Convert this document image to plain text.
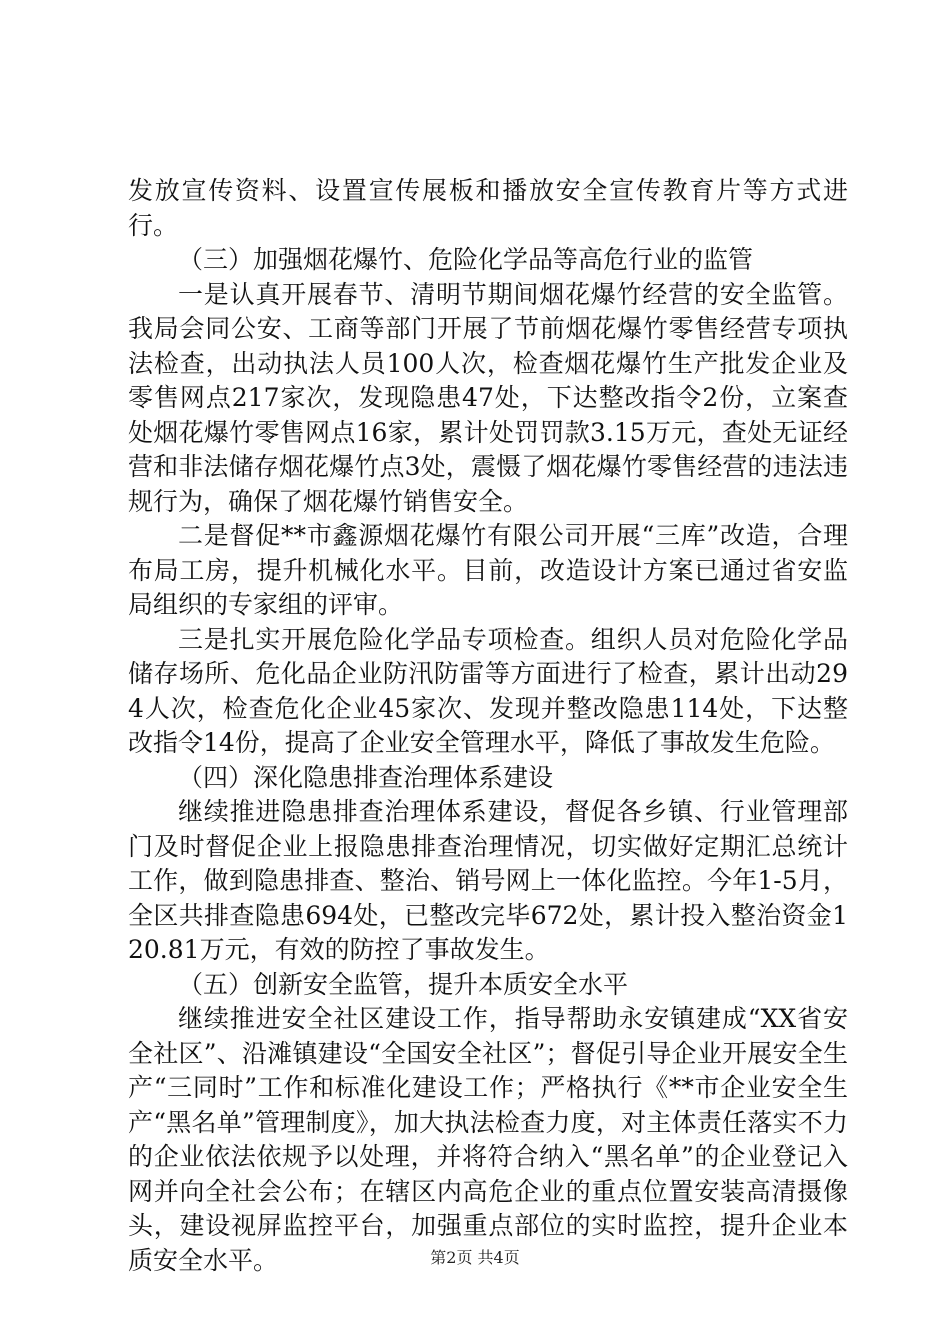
发放宣传资料、设置宣传展板和播放安全宣传教育片等方式进行。

（三）加强烟花爆竹、危险化学品等高危行业的监管

一是认真开展春节、清明节期间烟花爆竹经营的安全监管。我局会同公安、工商等部门开展了节前烟花爆竹零售经营专项执法检查，出动执法人员100人次，检查烟花爆竹生产批发企业及零售网点217家次，发现隐患47处，下达整改指令2份，立案查处烟花爆竹零售网点16家，累计处罚罚款3.15万元，查处无证经营和非法储存烟花爆竹点3处，震慑了烟花爆竹零售经营的违法违规行为，确保了烟花爆竹销售安全。

二是督促**市鑫源烟花爆竹有限公司开展“三库”改造，合理布局工房，提升机械化水平。目前，改造设计方案已通过省安监局组织的专家组的评审。

三是扎实开展危险化学品专项检查。组织人员对危险化学品储存场所、危化品企业防汛防雷等方面进行了检查，累计出动294人次，检查危化企业45家次、发现并整改隐患114处，下达整改指令14份，提高了企业安全管理水平，降低了事故发生危险。

（四）深化隐患排查治理体系建设

继续推进隐患排查治理体系建设，督促各乡镇、行业管理部门及时督促企业上报隐患排查治理情况，切实做好定期汇总统计工作，做到隐患排查、整治、销号网上一体化监控。今年1-5月，全区共排查隐患694处，已整改完毕672处，累计投入整治资金120.81万元，有效的防控了事故发生。

（五）创新安全监管，提升本质安全水平

继续推进安全社区建设工作，指导帮助永安镇建成“XX省安全社区”、沿滩镇建设“全国安全社区”；督促引导企业开展安全生产“三同时”工作和标准化建设工作；严格执行《**市企业安全生产“黑名单”管理制度》，加大执法检查力度，对主体责任落实不力的企业依法依规予以处理，并将符合纳入“黑名单”的企业登记入网并向全社会公布；在辖区内高危企业的重点位置安装高清摄像头，建设视屏监控平台，加强重点部位的实时监控，提升企业本质安全水平。	第2页 共4页
